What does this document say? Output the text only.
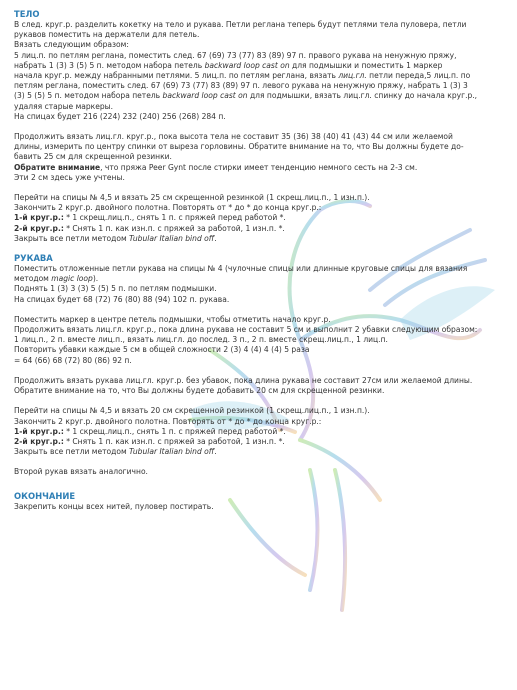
ТЕЛО

В след. круг.р. разделить кокетку на тело и рукава. Петли реглана теперь будут петлями тела пуловера, петли

рукавов поместить на держатели для петель.

Вязать следующим образом:

5 лиц.п. по петлям реглана, поместить след. 67 (69) 73 (77) 83 (89) 97 п. правого рукава на ненужную пряжу,

набрать 1 (3) 3 (5) 5 п. методом набора петель backward loop cast on для подмышки и поместить 1 маркер

начала круг.р. между набранными петлями. 5 лиц.п. по петлям реглана, вязать лиц.гл. петли переда,5 лиц.п. по

петлям реглана, поместить след. 67 (69) 73 (77) 83 (89) 97 п. левого рукава на ненужную пряжу, набрать 1 (3) 3

(3) 5 (5) 5 п. методом набора петель backward loop cast on для подмышки, вязать лиц.гл. спинку до начала круг.р.,

удаляя старые маркеры.

На спицах будет 216 (224) 232 (240) 256 (268) 284 п.

Продолжить вязать лиц.гл. круг.р., пока высота тела не составит 35 (36) 38 (40) 41 (43) 44 см или желаемой

длины, измерить по центру спинки от выреза горловины. Обратите внимание на то, что Вы должны будете до-

бавить 25 см для скрещенной резинки.

Обратите внимание, что пряжа Peer Gynt после стирки имеет тенденцию немного сесть на 2-3 см.

Эти 2 см здесь уже учтены.

Перейти на спицы № 4,5 и вязать 25 см скрещенной резинкой (1 скрещ.лиц.п., 1 изн.п.).

Закончить 2 круг.р. двойного полотна. Повторять от * до * до конца круг.р.:

1-й круг.р.: * 1 скрещ.лиц.п., снять 1 п. с пряжей перед работой *.

2-й круг.р.: * Снять 1 п. как изн.п. с пряжей за работой, 1 изн.п. *.

Закрыть все петли методом Tubular Italian bind off.

РУКАВА

Поместить отложенные петли рукава на спицы № 4 (чулочные спицы или длинные круговые спицы для вязания

методом magic loop).

Поднять 1 (3) 3 (3) 5 (5) 5 п. по петлям подмышки.

На спицах будет 68 (72) 76 (80) 88 (94) 102 п. рукава.

Поместить маркер в центре петель подмышки, чтобы отметить начало круг.р.

Продолжить вязать лиц.гл. круг.р., пока длина рукава не составит 5 см и выполнит 2 убавки следующим образом:

1 лиц.п., 2 п. вместе лиц.п., вязать лиц.гл. до послед. 3 п., 2 п. вместе скрещ.лиц.п., 1 лиц.п.

Повторить убавки каждые 5 см в общей сложности 2 (3) 4 (4) 4 (4) 5 раза

= 64 (66) 68 (72) 80 (86) 92 п.

Продолжить вязать рукава лиц.гл. круг.р. без убавок, пока длина рукава не составит 27см или желаемой длины.

Обратите внимание на то, что Вы должны будете добавить 20 см для скрещенной резинки.

Перейти на спицы № 4,5 и вязать 20 см скрещенной резинкой (1 скрещ.лиц.п., 1 изн.п.).

Закончить 2 круг.р. двойного полотна. Повторять от * до * до конца круг.р.:

1-й круг.р.: * 1 скрещ.лиц.п., снять 1 п. с пряжей перед работой *.

2-й круг.р.: * Снять 1 п. как изн.п. с пряжей за работой, 1 изн.п. *.

Закрыть все петли методом Tubular Italian bind off.

Второй рукав вязать аналогично.

ОКОНЧАНИЕ

Закрепить концы всех нитей, пуловер постирать.
